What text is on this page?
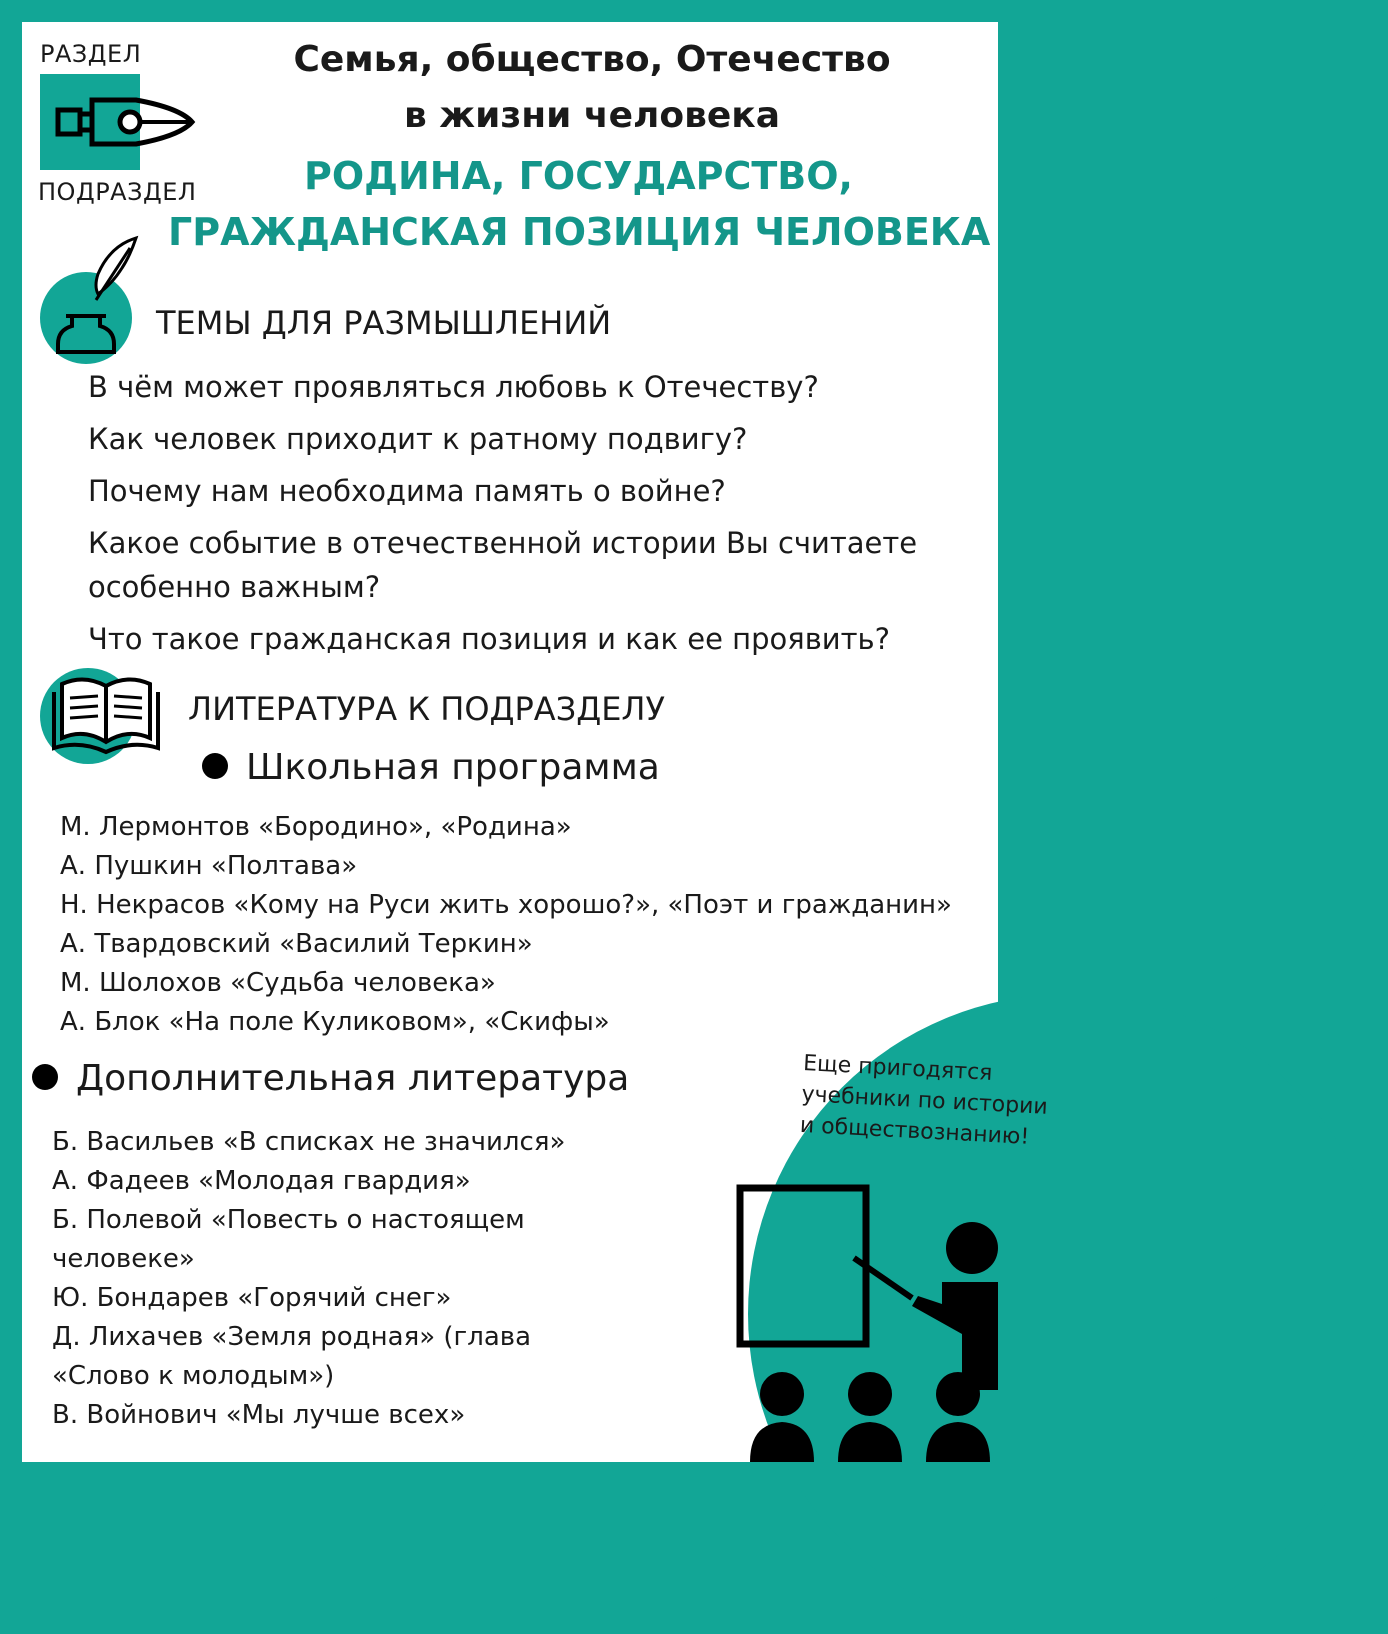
РАЗДЕЛ
ПОДРАЗДЕЛ
Семья, общество, Отечество
в жизни человека
РОДИНА, ГОСУДАРСТВО,
ГРАЖДАНСКАЯ ПОЗИЦИЯ ЧЕЛОВЕКА
ТЕМЫ ДЛЯ РАЗМЫШЛЕНИЙ
В чём может проявляться любовь к Отечеству?
Как человек приходит к ратному подвигу?
Почему нам необходима память о войне?
Какое событие в отечественной истории Вы считаете особенно важным?
Что такое гражданская позиция и как ее проявить?
ЛИТЕРАТУРА К ПОДРАЗДЕЛУ
Школьная программа
М. Лермонтов «Бородино», «Родина»
А. Пушкин «Полтава»
Н. Некрасов «Кому на Руси жить хорошо?», «Поэт и гражданин»
А. Твардовский «Василий Теркин»
М. Шолохов «Судьба человека»
А. Блок «На поле Куликовом», «Скифы»
Дополнительная литература
Б. Васильев «В списках не значился»
А. Фадеев «Молодая гвардия»
Б. Полевой «Повесть о настоящем человеке»
Ю. Бондарев «Горячий снег»
Д. Лихачев «Земля родная» (глава «Слово к молодым»)
В. Войнович «Мы лучше всех»
Еще пригодятся учебники по истории и обществознанию!
